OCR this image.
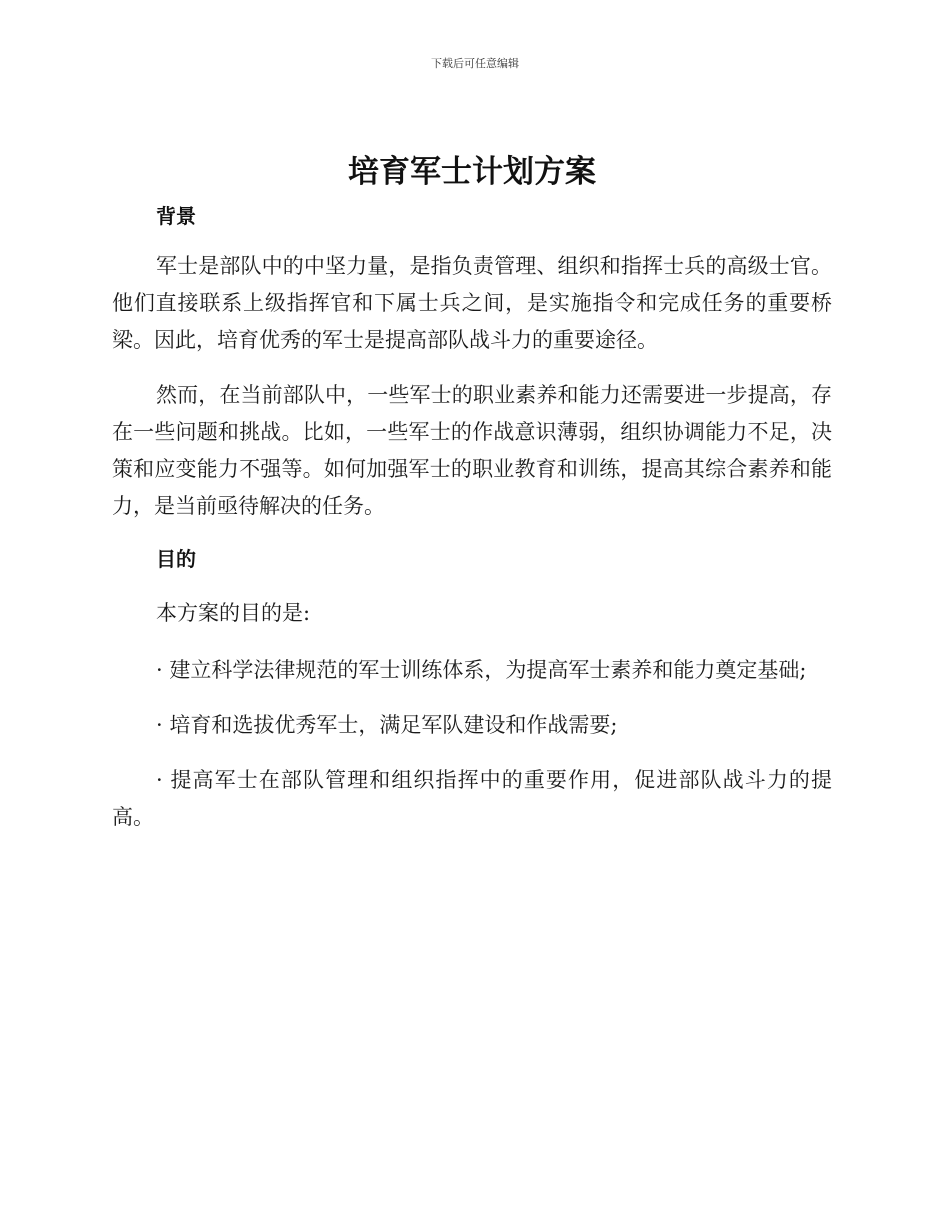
下载后可任意编辑
培育军士计划方案
背景

军士是部队中的中坚力量，是指负责管理、组织和指挥士兵的高级士官。他们直接联系上级指挥官和下属士兵之间，是实施指令和完成任务的重要桥梁。因此，培育优秀的军士是提高部队战斗力的重要途径。

然而，在当前部队中，一些军士的职业素养和能力还需要进一步提高，存在一些问题和挑战。比如，一些军士的作战意识薄弱，组织协调能力不足，决策和应变能力不强等。如何加强军士的职业教育和训练，提高其综合素养和能力，是当前亟待解决的任务。

目的

本方案的目的是:

· 建立科学法律规范的军士训练体系，为提高军士素养和能力奠定基础;

· 培育和选拔优秀军士，满足军队建设和作战需要;

· 提高军士在部队管理和组织指挥中的重要作用，促进部队战斗力的提高。
